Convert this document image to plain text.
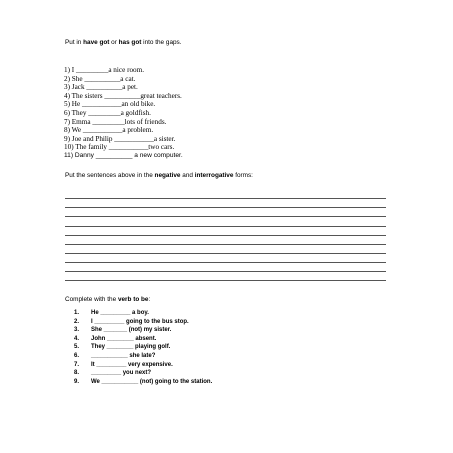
Put in have got or has got into the gaps.
1) I _________a nice room.
2) She __________a cat.
3) Jack __________a pet.
4) The sisters __________great teachers.
5) He ___________an old bike.
6) They _________a goldfish.
7) Emma _________lots of friends.
8) We ___________a problem.
9) Joe and Philip ___________a sister.
10) The family ___________two cars.
11) Danny __________ a new computer.
Put the sentences above in the negative and interrogative forms:
Complete with the verb to be:
1. He _________ a boy.
2. I _________ going to the bus stop.
3. She _______ (not) my sister.
4. John ________ absent.
5. They ________ playing golf.
6. ___________ she late?
7. It _________ very expensive.
8. _________ you next?
9. We ___________ (not) going to the station.
